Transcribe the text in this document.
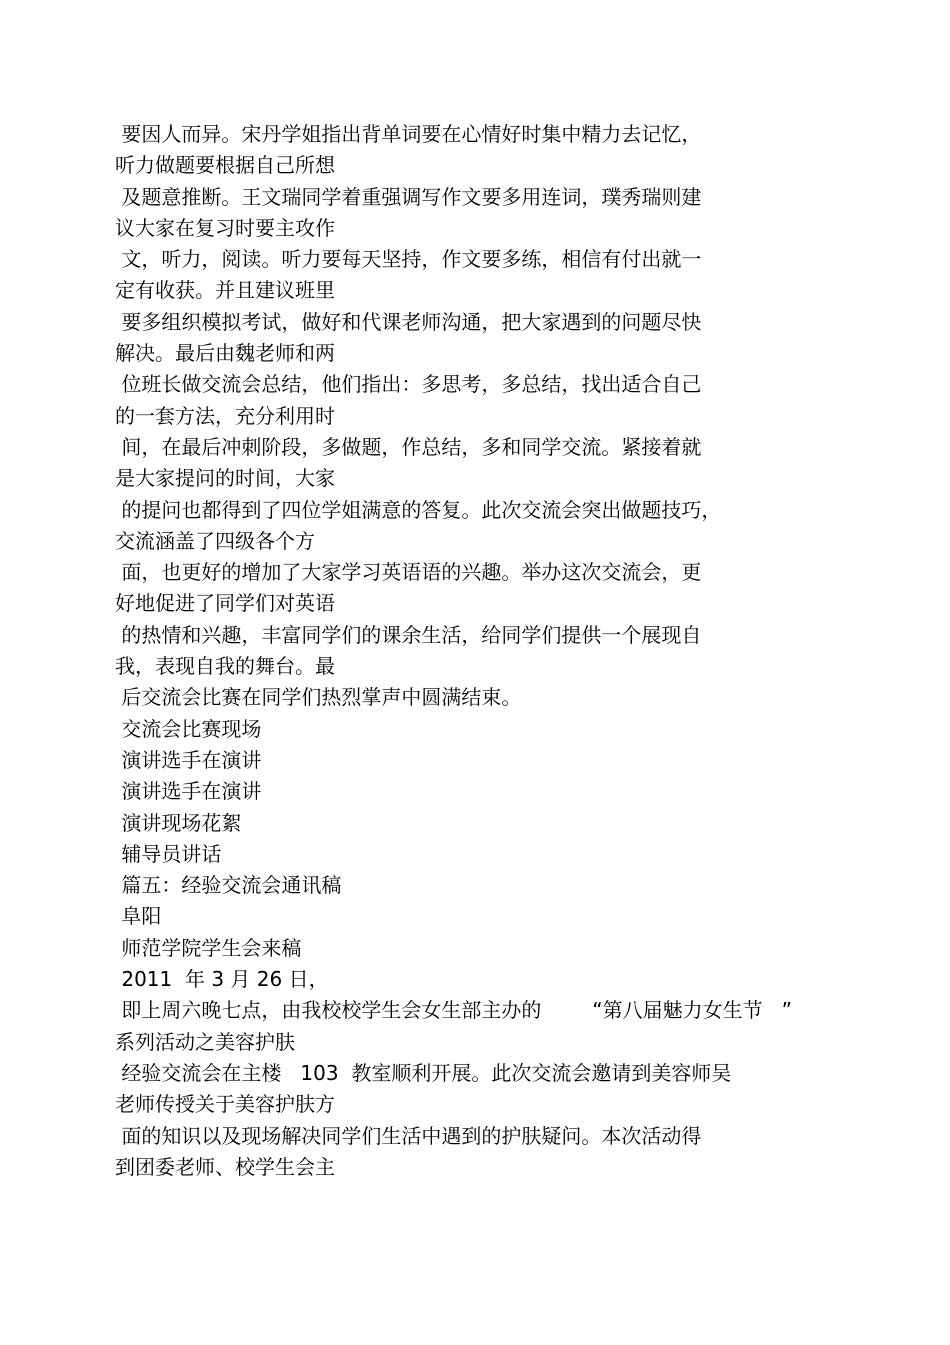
要因人而异。宋丹学姐指出背单词要在心情好时集中精力去记忆，
听力做题要根据自己所想
及题意推断。王文瑞同学着重强调写作文要多用连词，璞秀瑞则建
议大家在复习时要主攻作
文，听力，阅读。听力要每天坚持，作文要多练，相信有付出就一
定有收获。并且建议班里
要多组织模拟考试，做好和代课老师沟通，把大家遇到的问题尽快
解决。最后由魏老师和两
位班长做交流会总结，他们指出：多思考，多总结，找出适合自己
的一套方法，充分利用时
间，在最后冲刺阶段，多做题，作总结，多和同学交流。紧接着就
是大家提问的时间，大家
的提问也都得到了四位学姐满意的答复。此次交流会突出做题技巧，
交流涵盖了四级各个方
面，也更好的增加了大家学习英语语的兴趣。举办这次交流会，更
好地促进了同学们对英语
的热情和兴趣，丰富同学们的课余生活，给同学们提供一个展现自
我，表现自我的舞台。最
后交流会比赛在同学们热烈掌声中圆满结束。
交流会比赛现场
演讲选手在演讲
演讲选手在演讲
演讲现场花絮
辅导员讲话
篇五：经验交流会通讯稿
阜阳
师范学院学生会来稿
2011  年 3 月 26 日，
即上周六晚七点，由我校校学生会女生部主办的        “第八届魅力女生节   ”
系列活动之美容护肤
经验交流会在主楼   103  教室顺利开展。此次交流会邀请到美容师吴
老师传授关于美容护肤方
面的知识以及现场解决同学们生活中遇到的护肤疑问。本次活动得
到团委老师、校学生会主
